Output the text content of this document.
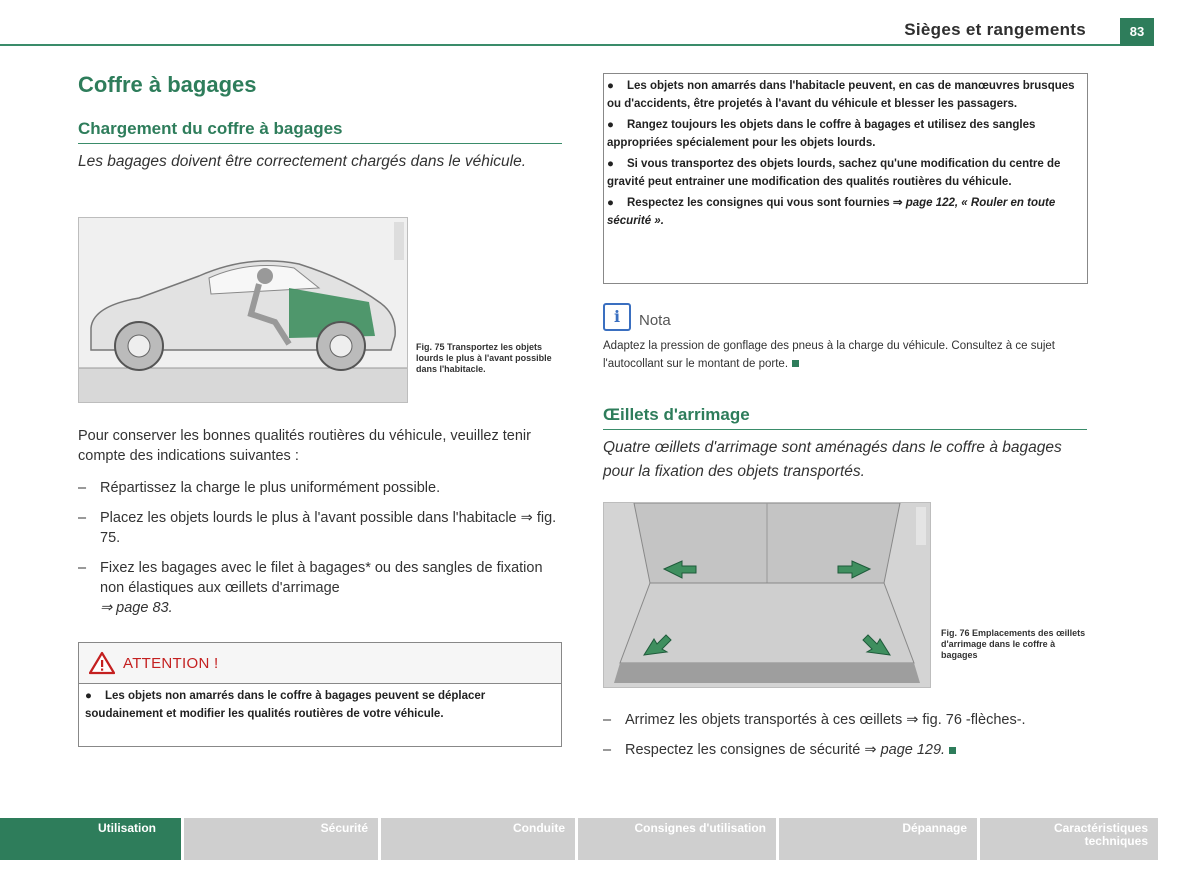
Sièges et rangements	83
Coffre à bagages
Chargement du coffre à bagages
Les bagages doivent être correctement chargés dans le véhicule.
Fig. 75 Transportez les objets lourds le plus à l'avant possible dans l'habitacle.
Pour conserver les bonnes qualités routières du véhicule, veuillez tenir compte des indications suivantes :
– Répartissez la charge le plus uniformément possible.
– Placez les objets lourds le plus à l'avant possible dans l'habitacle ⇒ fig. 75.
– Fixez les bagages avec le filet à bagages* ou des sangles de fixation non élastiques aux œillets d'arrimage
⇒ page 83.
ATTENTION !
● Les objets non amarrés dans le coffre à bagages peuvent se déplacer soudainement et modifier les qualités routières de votre véhicule.

● Les objets non amarrés dans l'habitacle peuvent, en cas de manœuvres brusques ou d'accidents, être projetés à l'avant du véhicule et blesser les passagers.

● Rangez toujours les objets dans le coffre à bagages et utilisez des sangles appropriées spécialement pour les objets lourds.

● Si vous transportez des objets lourds, sachez qu'une modification du centre de gravité peut entrainer une modification des qualités routières du véhicule.

● Respectez les consignes qui vous sont fournies ⇒ page 122, « Rouler en toute sécurité ».

i	Nota
Adaptez la pression de gonflage des pneus à la charge du véhicule. Consultez à ce sujet l'autocollant sur le montant de porte.
Œillets d'arrimage
Quatre œillets d'arrimage sont aménagés dans le coffre à bagages pour la fixation des objets transportés.
Fig. 76 Emplacements des œillets d'arrimage dans le coffre à bagages
– Arrimez les objets transportés à ces œillets ⇒ fig. 76 -flèches-.
– Respectez les consignes de sécurité ⇒ page 129.
Utilisation	Sécurité	Conduite	Consignes d'utilisation	Dépannage	Caractéristiques techniques
